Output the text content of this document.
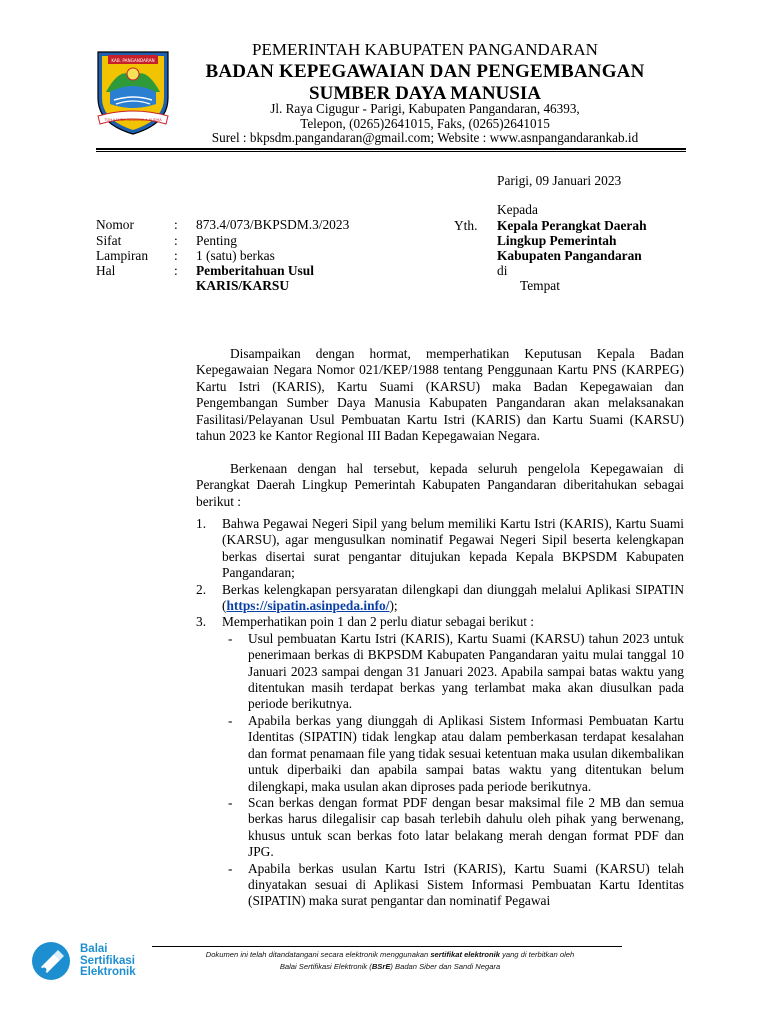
KAB. PANGANDARAN
TOH KANDA MANGGALA YUDHA
PEMERINTAH KABUPATEN PANGANDARAN
BADAN KEPEGAWAIAN DAN PENGEMBANGAN
SUMBER DAYA MANUSIA
Jl. Raya Cigugur - Parigi, Kabupaten Pangandaran, 46393,
Telepon, (0265)2641015, Faks, (0265)2641015
Surel : bkpsdm.pangandaran@gmail.com; Website : www.asnpangandarankab.id
Parigi, 09 Januari 2023
Nomor	: 873.4/073/BKPSDM.3/2023
Sifat	: Penting
Lampiran : 1 (satu) berkas
Hal	: Pemberitahuan Usul
KARIS/KARSU
Kepada
Yth. Kepala Perangkat Daerah
Lingkup Pemerintah
Kabupaten Pangandaran
di
Tempat
Disampaikan dengan hormat, memperhatikan Keputusan Kepala Badan Kepegawaian Negara Nomor 021/KEP/1988 tentang Penggunaan Kartu PNS (KARPEG) Kartu Istri (KARIS), Kartu Suami (KARSU) maka Badan Kepegawaian dan Pengembangan Sumber Daya Manusia Kabupaten Pangandaran akan melaksanakan Fasilitasi/Pelayanan Usul Pembuatan Kartu Istri (KARIS) dan Kartu Suami (KARSU) tahun 2023 ke Kantor Regional III Badan Kepegawaian Negara.
Berkenaan dengan hal tersebut, kepada seluruh pengelola Kepegawaian di Perangkat Daerah Lingkup Pemerintah Kabupaten Pangandaran diberitahukan sebagai berikut :
1. Bahwa Pegawai Negeri Sipil yang belum memiliki Kartu Istri (KARIS), Kartu Suami (KARSU), agar mengusulkan nominatif Pegawai Negeri Sipil beserta kelengkapan berkas disertai surat pengantar ditujukan kepada Kepala BKPSDM Kabupaten Pangandaran;
2. Berkas kelengkapan persyaratan dilengkapi dan diunggah melalui Aplikasi SIPATIN (https://sipatin.asinpeda.info/);
3. Memperhatikan poin 1 dan 2 perlu diatur sebagai berikut :
- Usul pembuatan Kartu Istri (KARIS), Kartu Suami (KARSU) tahun 2023 untuk penerimaan berkas di BKPSDM Kabupaten Pangandaran yaitu mulai tanggal 10 Januari 2023 sampai dengan 31 Januari 2023. Apabila sampai batas waktu yang ditentukan masih terdapat berkas yang terlambat maka akan diusulkan pada periode berikutnya.
- Apabila berkas yang diunggah di Aplikasi Sistem Informasi Pembuatan Kartu Identitas (SIPATIN) tidak lengkap atau dalam pemberkasan terdapat kesalahan dan format penamaan file yang tidak sesuai ketentuan maka usulan dikembalikan untuk diperbaiki dan apabila sampai batas waktu yang ditentukan belum dilengkapi, maka usulan akan diproses pada periode berikutnya.
- Scan berkas dengan format PDF dengan besar maksimal file 2 MB dan semua berkas harus dilegalisir cap basah terlebih dahulu oleh pihak yang berwenang, khusus untuk scan berkas foto latar belakang merah dengan format PDF dan JPG.
- Apabila berkas usulan Kartu Istri (KARIS), Kartu Suami (KARSU) telah dinyatakan sesuai di Aplikasi Sistem Informasi Pembuatan Kartu Identitas (SIPATIN) maka surat pengantar dan nominatif Pegawai
Balai
Sertifikasi
Elektronik
Dokumen ini telah ditandatangani secara elektronik menggunakan sertifikat elektronik yang di terbitkan oleh
Balai Sertifikasi Elektronik (BSrE) Badan Siber dan Sandi Negara
